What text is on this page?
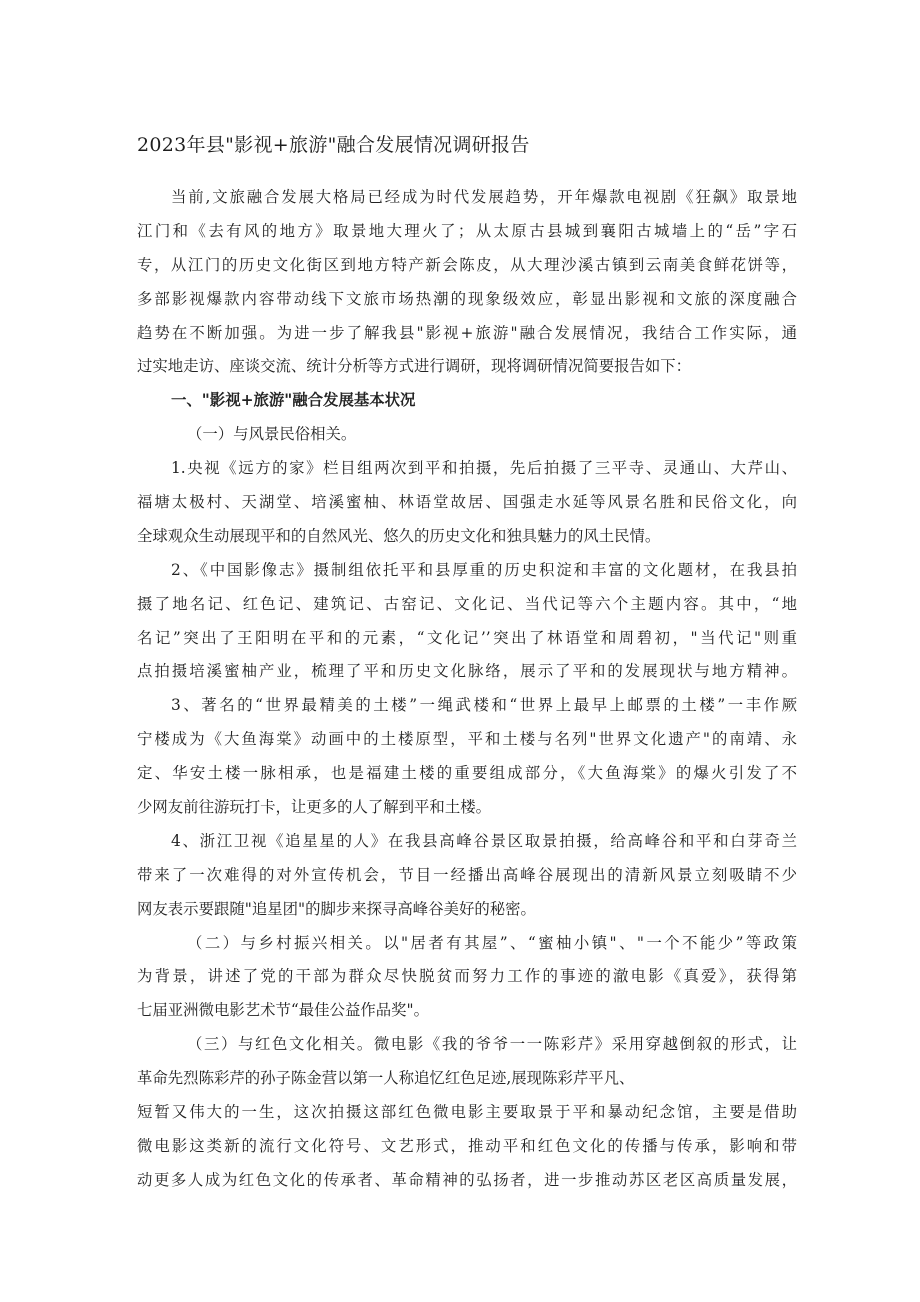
2023年县"影视+旅游"融合发展情况调研报告
当前,文旅融合发展大格局已经成为时代发展趋势，开年爆款电视剧《狂飙》取景地
江门和《去有风的地方》取景地大理火了；从太原古县城到襄阳古城墙上的“岳”字石
专，从江门的历史文化街区到地方特产新会陈皮，从大理沙溪古镇到云南美食鲜花饼等，
多部影视爆款内容带动线下文旅市场热潮的现象级效应，彰显出影视和文旅的深度融合
趋势在不断加强。为进一步了解我县"影视+旅游"融合发展情况，我结合工作实际，通
过实地走访、座谈交流、统计分析等方式进行调研，现将调研情况简要报告如下：
一、"影视+旅游"融合发展基本状况
（一）与风景民俗相关。
1.央视《远方的家》栏目组两次到平和拍摄，先后拍摄了三平寺、灵通山、大芹山、
福塘太极村、天湖堂、培溪蜜柚、林语堂故居、国强走水延等风景名胜和民俗文化，向
全球观众生动展现平和的自然风光、悠久的历史文化和独具魅力的风土民情。
2、《中国影像志》摄制组依托平和县厚重的历史积淀和丰富的文化题材，在我县拍
摄了地名记、红色记、建筑记、古窑记、文化记、当代记等六个主题内容。其中，“地
名记”突出了王阳明在平和的元素，“文化记’’突出了林语堂和周碧初，"当代记"则重
点拍摄培溪蜜柚产业，梳理了平和历史文化脉络，展示了平和的发展现状与地方精神。
3、著名的“世界最精美的土楼”一绳武楼和“世界上最早上邮票的土楼”一丰作厥
宁楼成为《大鱼海棠》动画中的土楼原型，平和土楼与名列"世界文化遗产"的南靖、永
定、华安土楼一脉相承，也是福建土楼的重要组成部分，《大鱼海棠》的爆火引发了不
少网友前往游玩打卡，让更多的人了解到平和土楼。
4、浙江卫视《追星星的人》在我县高峰谷景区取景拍摄，给高峰谷和平和白芽奇兰
带来了一次难得的对外宣传机会，节目一经播出高峰谷展现出的清新风景立刻吸睛不少
网友表示要跟随"追星团"的脚步来探寻高峰谷美好的秘密。
（二）与乡村振兴相关。以"居者有其屋”、“蜜柚小镇"、"一个不能少”等政策
为背景，讲述了党的干部为群众尽快脱贫而努力工作的事迹的澈电影《真爱》，获得第
七届亚洲微电影艺术节“最佳公益作品奖"。
（三）与红色文化相关。微电影《我的爷爷一一陈彩芹》采用穿越倒叙的形式，让
革命先烈陈彩芹的孙子陈金营以第一人称追忆红色足迹,展现陈彩芹平凡、
短暂又伟大的一生，这次拍摄这部红色微电影主要取景于平和暴动纪念馆，主要是借助
微电影这类新的流行文化符号、文艺形式，推动平和红色文化的传播与传承，影响和带
动更多人成为红色文化的传承者、革命精神的弘扬者，进一步推动苏区老区高质量发展，
